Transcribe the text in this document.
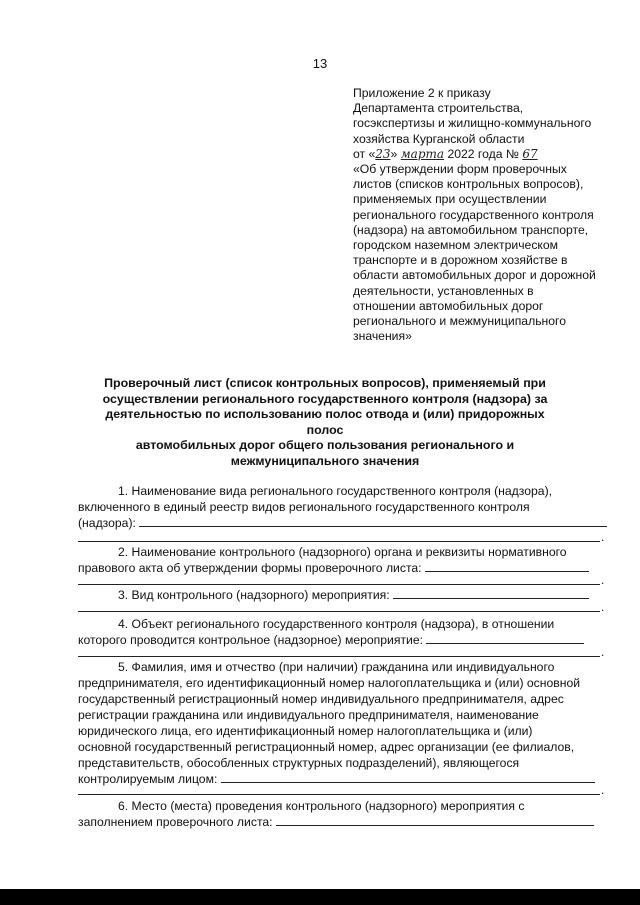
13
Приложение 2 к приказу
Департамента строительства,
госэкспертизы и жилищно-коммунального
хозяйства Курганской области
от «23» марта 2022 года № 67
«Об утверждении форм проверочных
листов (списков контрольных вопросов),
применяемых при осуществлении
регионального государственного контроля
(надзора) на автомобильном транспорте,
городском наземном электрическом
транспорте и в дорожном хозяйстве в
области автомобильных дорог и дорожной
деятельности, установленных в
отношении автомобильных дорог
регионального и межмуниципального
значения»
Проверочный лист (список контрольных вопросов), применяемый при
осуществлении регионального государственного контроля (надзора) за
деятельностью по использованию полос отвода и (или) придорожных полос
автомобильных дорог общего пользования регионального и
межмуниципального значения
1. Наименование вида регионального государственного контроля (надзора),
включенного в единый реестр видов регионального государственного контроля
(надзора):
.
2. Наименование контрольного (надзорного) органа и реквизиты нормативного
правового акта об утверждении формы проверочного листа:
.
3. Вид контрольного (надзорного) мероприятия:
.
4. Объект регионального государственного контроля (надзора), в отношении
которого проводится контрольное (надзорное) мероприятие:
.
5. Фамилия, имя и отчество (при наличии) гражданина или индивидуального
предпринимателя, его идентификационный номер налогоплательщика и (или) основной
государственный регистрационный номер индивидуального предпринимателя, адрес
регистрации гражданина или индивидуального предпринимателя, наименование
юридического лица, его идентификационный номер налогоплательщика и (или)
основной государственный регистрационный номер, адрес организации (ее филиалов,
представительств, обособленных структурных подразделений), являющегося
контролируемым лицом:
.
6. Место (места) проведения контрольного (надзорного) мероприятия с
заполнением проверочного листа:
